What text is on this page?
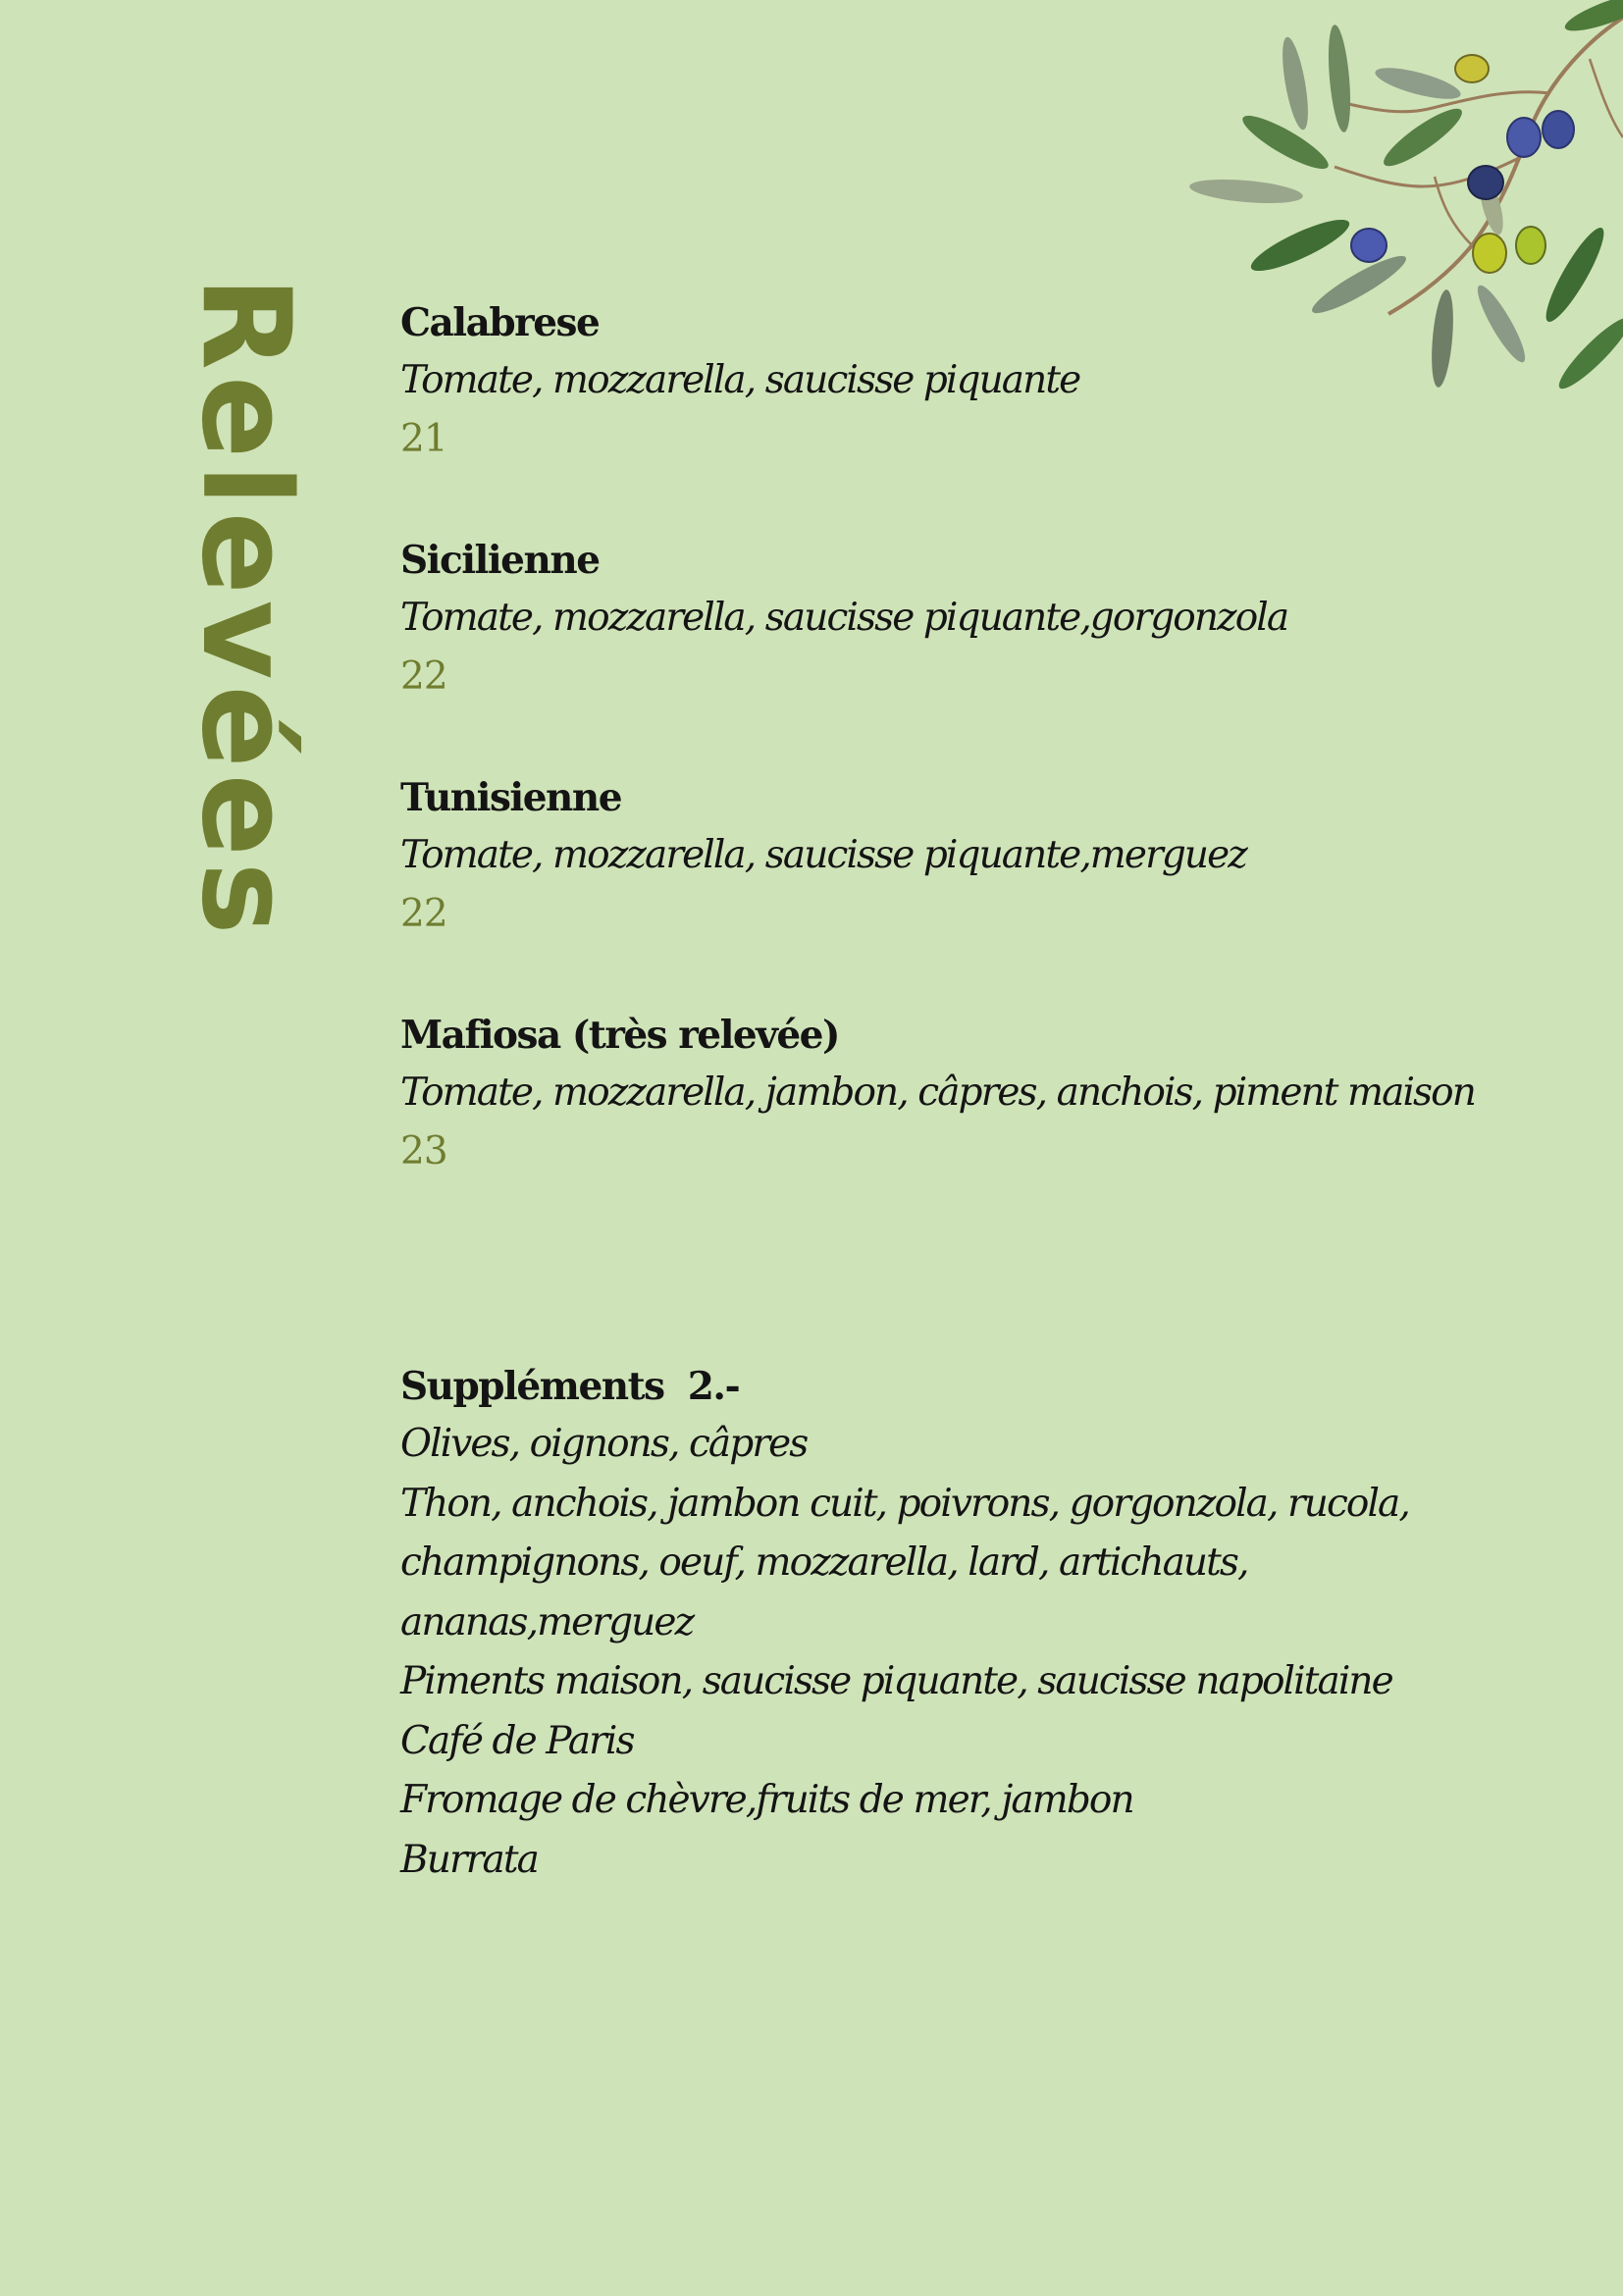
Relevées Calabrese
Tomate, mozzarella, saucisse piquante
21
Sicilienne
Tomate, mozzarella, saucisse piquante,gorgonzola
22
Tunisienne
Tomate, mozzarella, saucisse piquante,merguez
22
Mafiosa (très relevée)
Tomate, mozzarella, jambon, câpres, anchois, piment maison
23
Suppléments  2.-
Olives, oignons, câpres
Thon, anchois, jambon cuit, poivrons, gorgonzola, rucola,
champignons, oeuf, mozzarella, lard, artichauts,
ananas,merguez
Piments maison, saucisse piquante, saucisse napolitaine
Café de Paris
Fromage de chèvre,fruits de mer, jambon
Burrata
